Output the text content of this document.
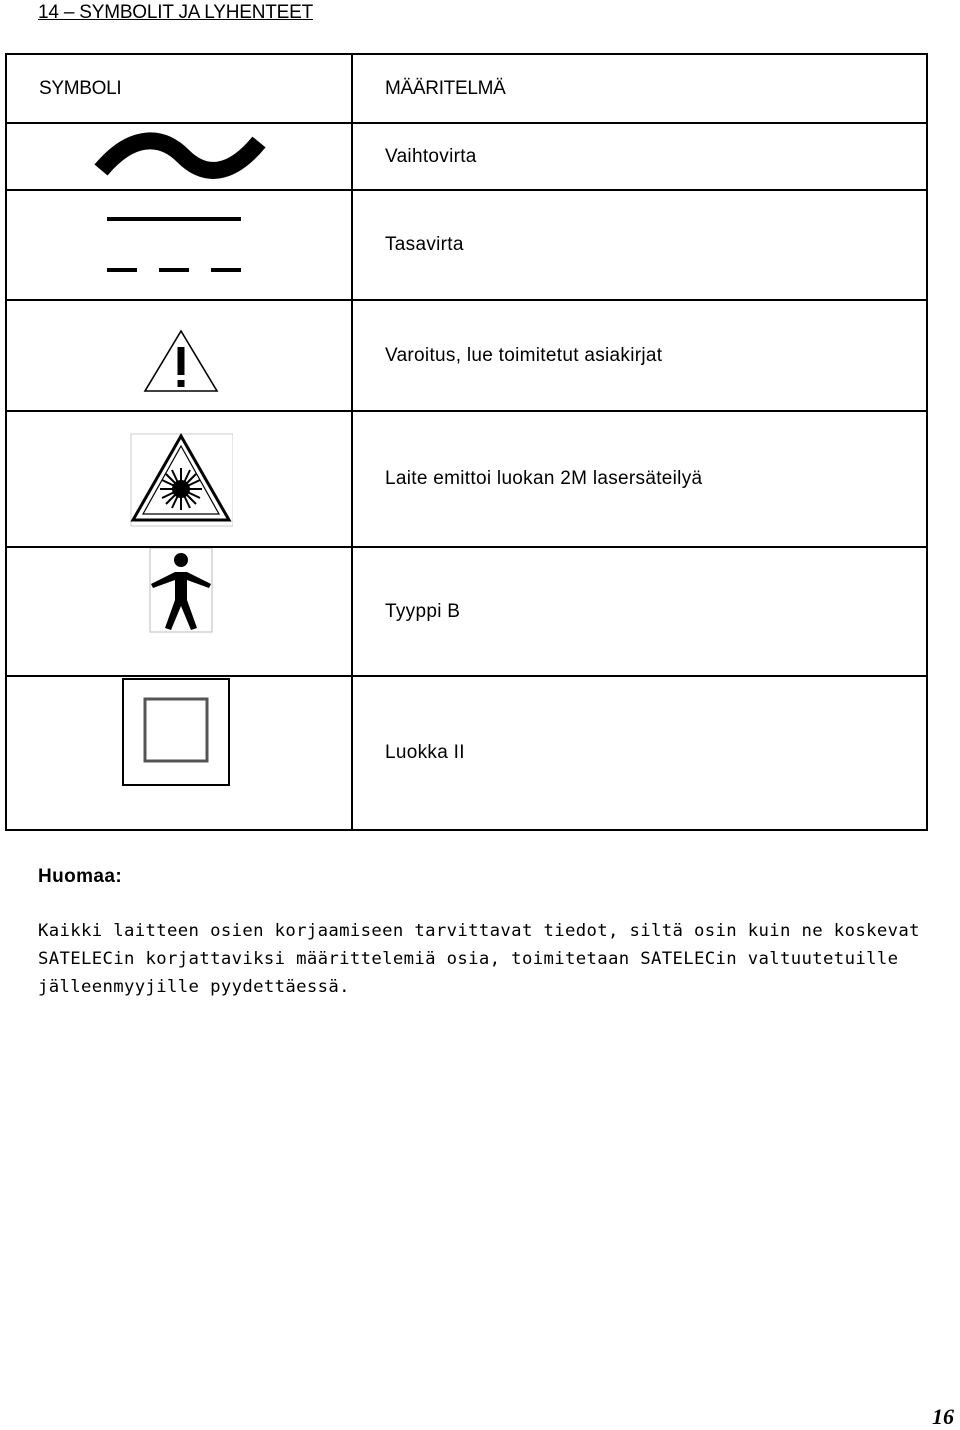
14 – SYMBOLIT JA LYHENTEET
SYMBOLI	MÄÄRITELMÄ

	Vaihtovirta

	Tasavirta

	Varoitus, lue toimitetut asiakirjat

	Laite emittoi luokan 2M lasersäteilyä

	Tyyppi B

	Luokka II
Huomaa:
Kaikki laitteen osien korjaamiseen tarvittavat tiedot, siltä osin kuin ne koskevat SATELECin korjattaviksi määrittelemiä osia, toimitetaan SATELECin valtuutetuille jälleenmyyjille pyydettäessä.
16
